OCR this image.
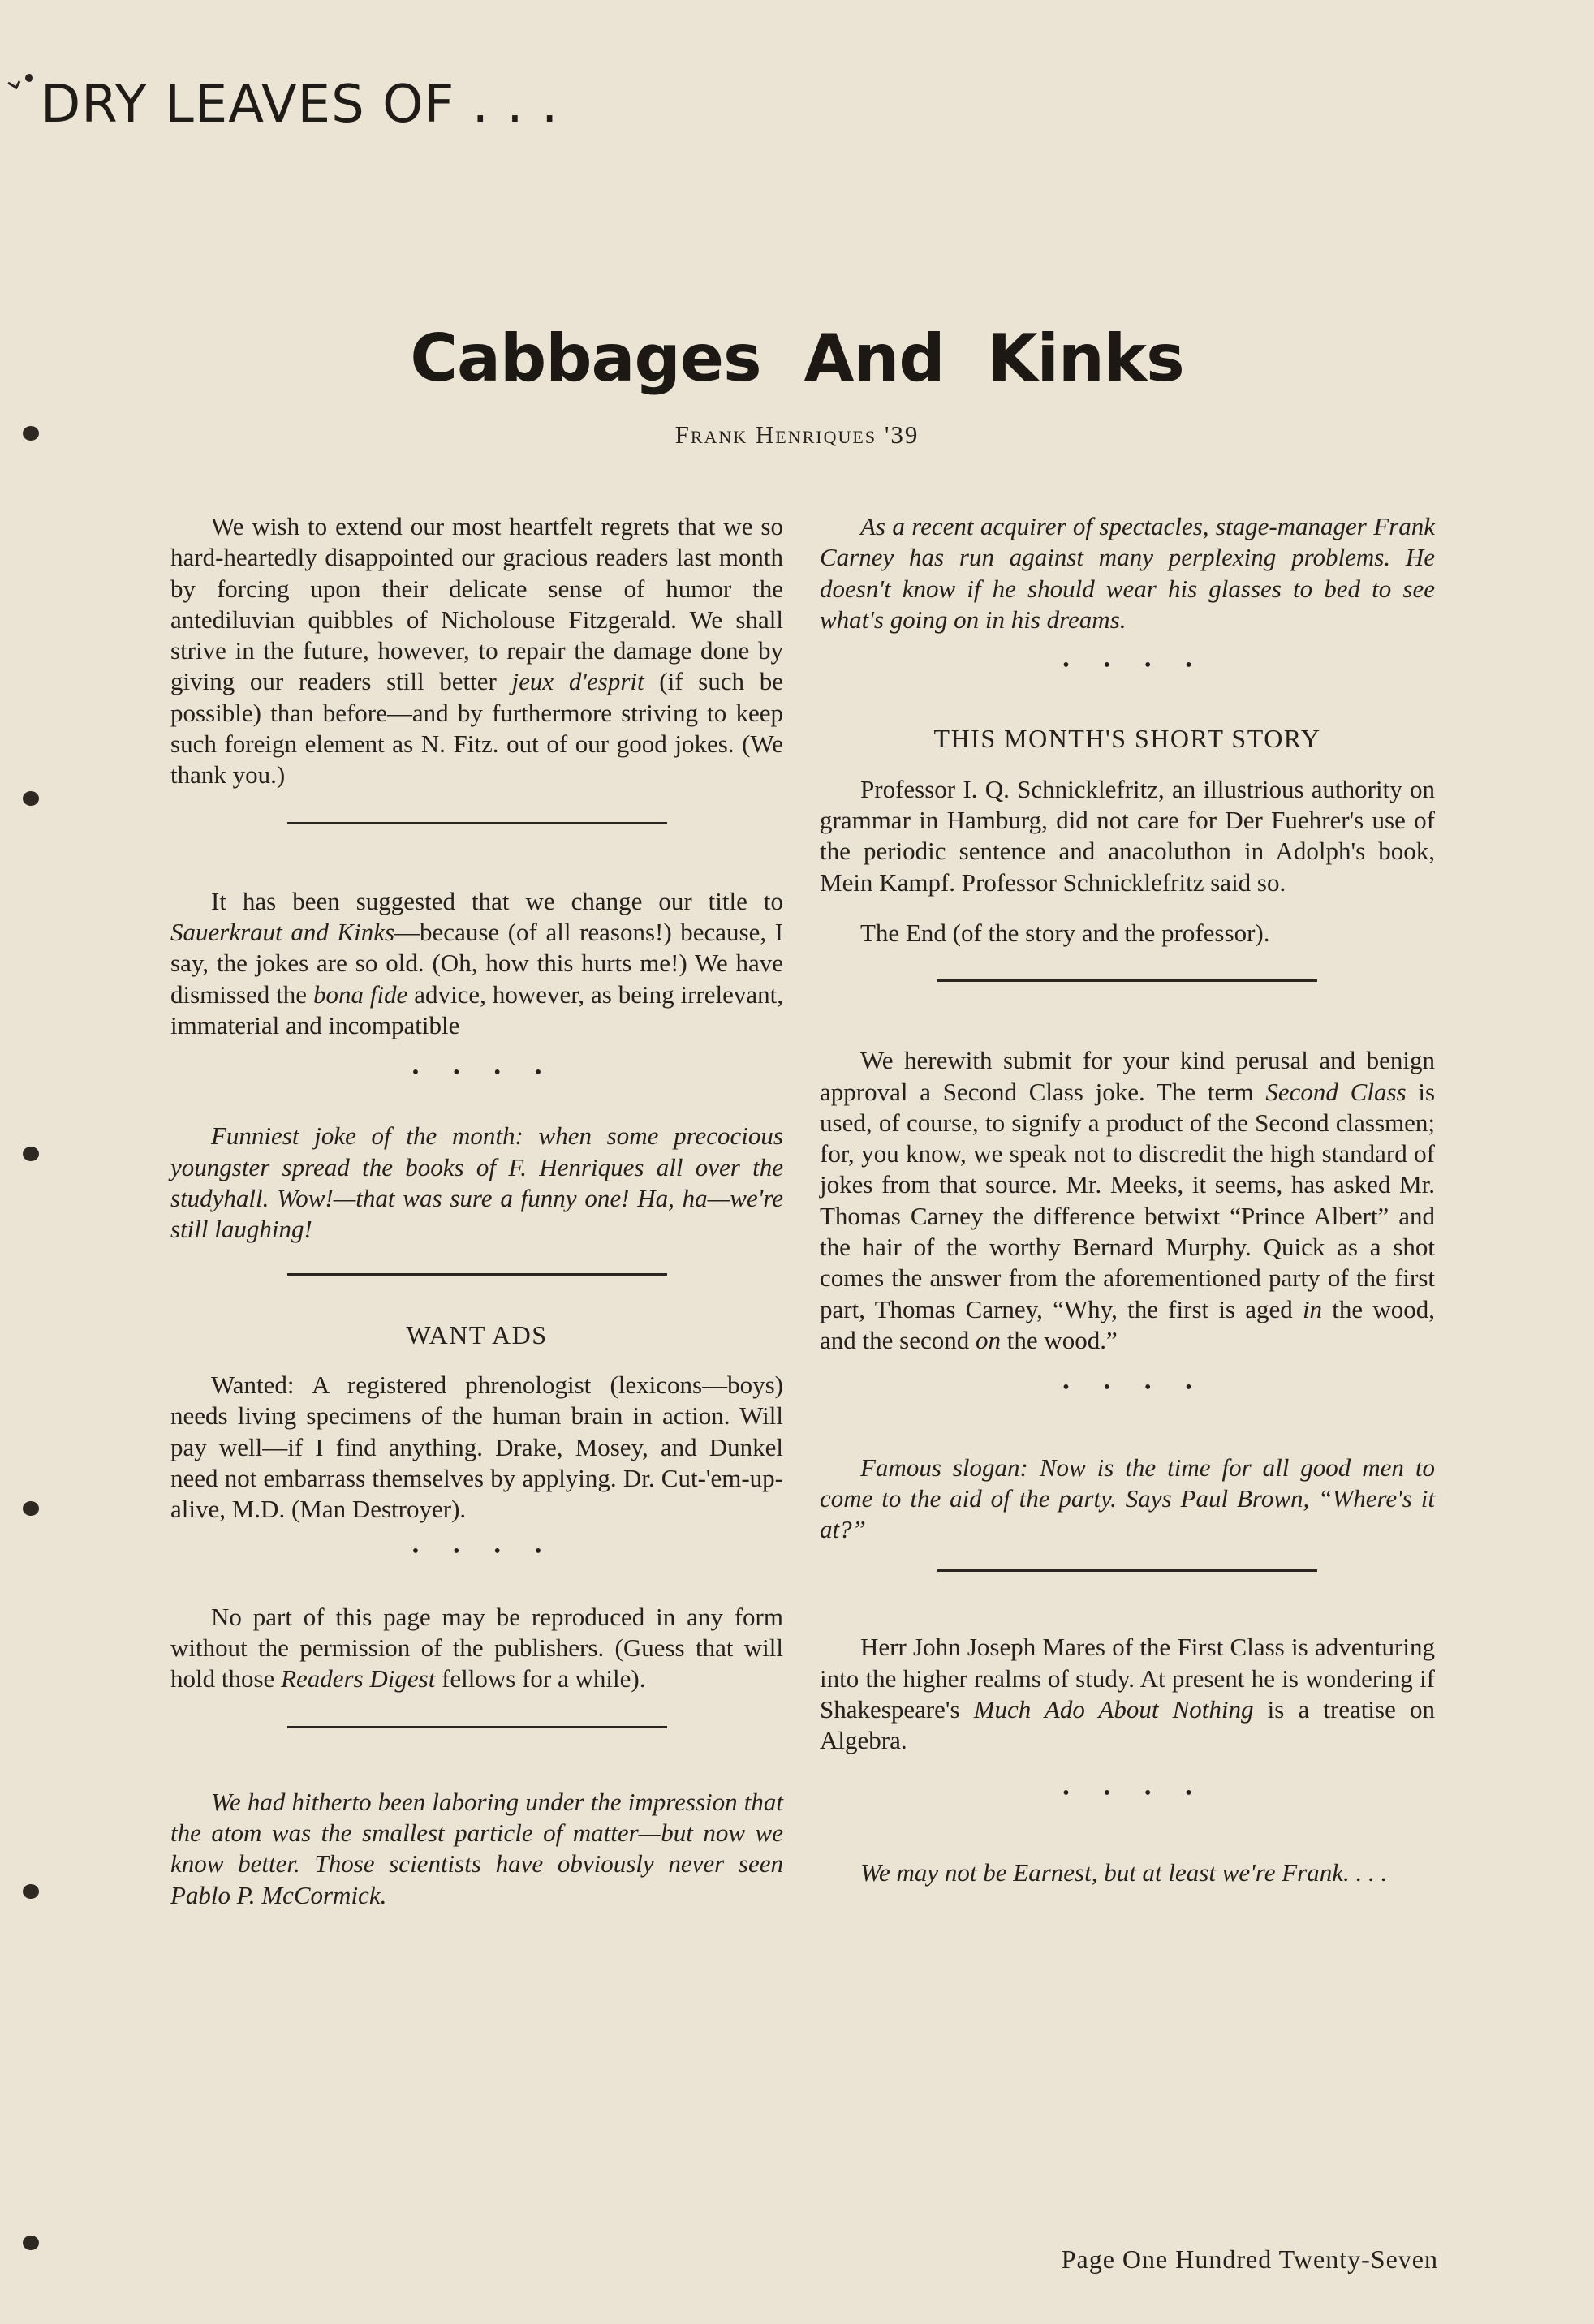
DRY LEAVES OF . . .
Cabbages And Kinks
Frank Henriques '39

We wish to extend our most heartfelt regrets that we so hard-heartedly disappointed our gracious readers last month by forcing upon their delicate sense of humor the antediluvian quibbles of Nicholouse Fitzgerald. We shall strive in the future, however, to repair the damage done by giving our readers still better jeux d'esprit (if such be possible) than before—and by furthermore striving to keep such foreign element as N. Fitz. out of our good jokes. (We thank you.)

It has been suggested that we change our title to Sauerkraut and Kinks—because (of all reasons!) because, I say, the jokes are so old. (Oh, how this hurts me!) We have dismissed the bona fide advice, however, as being irrelevant, immaterial and incompatible

• • • •

Funniest joke of the month: when some precocious youngster spread the books of F. Henriques all over the studyhall. Wow!—that was sure a funny one! Ha, ha—we're still laughing!

WANT ADS

Wanted: A registered phrenologist (lexicons—boys) needs living specimens of the human brain in action. Will pay well—if I find anything. Drake, Mosey, and Dunkel need not embarrass themselves by applying. Dr. Cut-'em-up-alive, M.D. (Man Destroyer).

• • • •

No part of this page may be reproduced in any form without the permission of the publishers. (Guess that will hold those Readers Digest fellows for a while).

We had hitherto been laboring under the impression that the atom was the smallest particle of matter—but now we know better. Those scientists have obviously never seen Pablo P. McCormick.

As a recent acquirer of spectacles, stage-manager Frank Carney has run against many perplexing problems. He doesn't know if he should wear his glasses to bed to see what's going on in his dreams.

• • • •
THIS MONTH'S SHORT STORY

Professor I. Q. Schnicklefritz, an illustrious authority on grammar in Hamburg, did not care for Der Fuehrer's use of the periodic sentence and anacoluthon in Adolph's book, Mein Kampf. Professor Schnicklefritz said so.

The End (of the story and the professor).

We herewith submit for your kind perusal and benign approval a Second Class joke. The term Second Class is used, of course, to signify a product of the Second classmen; for, you know, we speak not to discredit the high standard of jokes from that source. Mr. Meeks, it seems, has asked Mr. Thomas Carney the difference betwixt “Prince Albert” and the hair of the worthy Bernard Murphy. Quick as a shot comes the answer from the aforementioned party of the first part, Thomas Carney, “Why, the first is aged in the wood, and the second on the wood.”

• • • •

Famous slogan: Now is the time for all good men to come to the aid of the party. Says Paul Brown, “Where's it at?”

Herr John Joseph Mares of the First Class is adventuring into the higher realms of study. At present he is wondering if Shakespeare's Much Ado About Nothing is a treatise on Algebra.

• • • •

We may not be Earnest, but at least we're Frank. . . .

Page One Hundred Twenty-Seven
